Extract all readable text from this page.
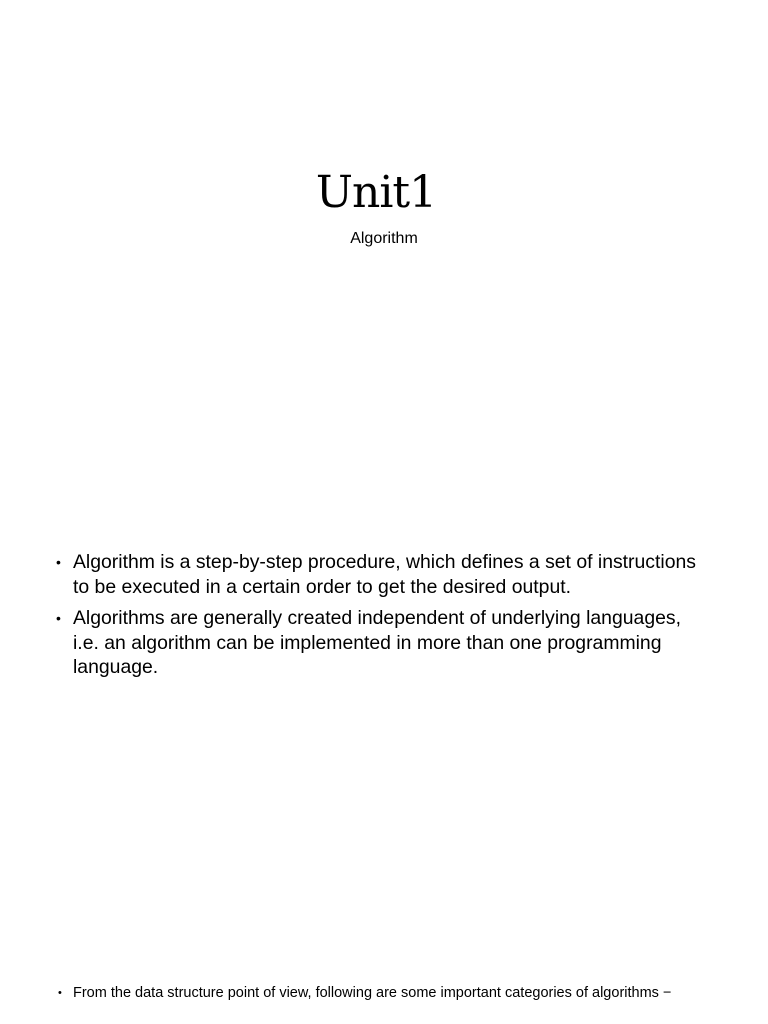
Unit1
Algorithm
• Algorithm is a step-by-step procedure, which defines a set of instructions to be executed in a certain order to get the desired output.
• Algorithms are generally created independent of underlying languages, i.e. an algorithm can be implemented in more than one programming language.
• From the data structure point of view, following are some important categories of algorithms −
